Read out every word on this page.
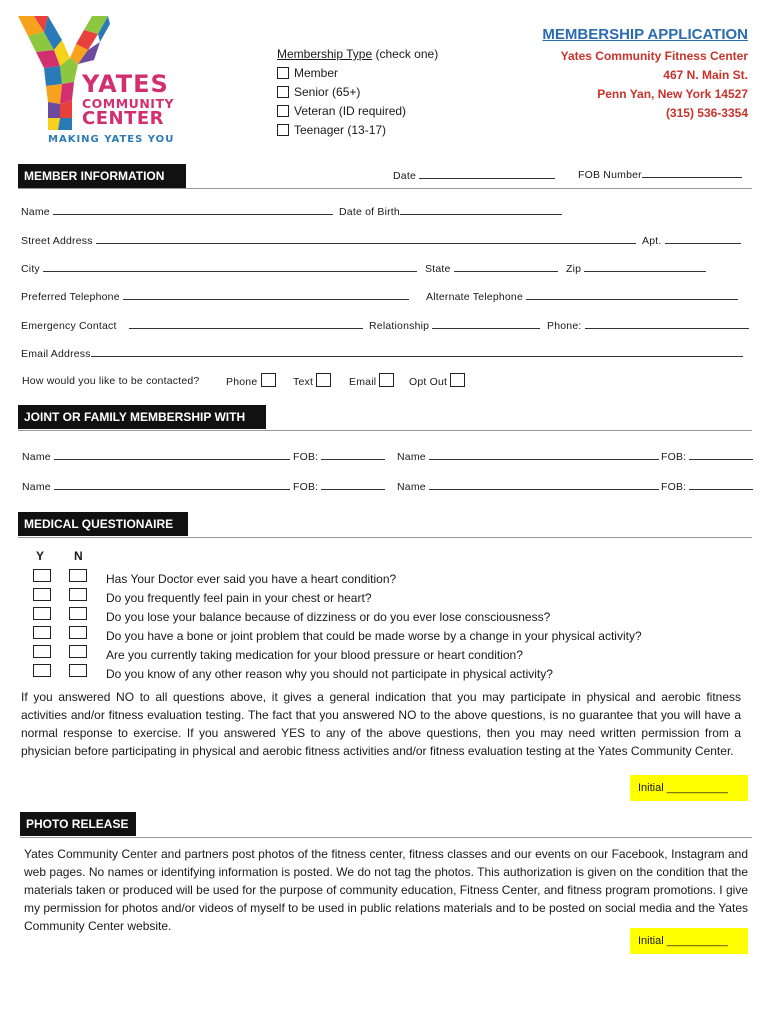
YATES
COMMUNITY
CENTER
MAKING YATES YOU
Membership Type (check one)
Member
Senior (65+)
Veteran (ID required)
Teenager (13-17)
MEMBERSHIP APPLICATION
Yates Community Fitness Center
467 N. Main St.
Penn Yan, New York 14527
(315) 536-3354
MEMBER INFORMATION	Date	FOB Number
Name	Date of Birth
Street Address	Apt.
City	State	Zip
Preferred Telephone	Alternate Telephone
Emergency Contact	Relationship	Phone:
Email Address
How would you like to be contacted?	Phone	Text	Email	Opt Out
JOINT OR FAMILY MEMBERSHIP WITH
Name	FOB:	Name	FOB:
Name	FOB:	Name	FOB:
MEDICAL QUESTIONAIRE
Y N
Has Your Doctor ever said you have a heart condition?
Do you frequently feel pain in your chest or heart?
Do you lose your balance because of dizziness or do you ever lose consciousness?
Do you have a bone or joint problem that could be made worse by a change in your physical activity?
Are you currently taking medication for your blood pressure or heart condition?
Do you know of any other reason why you should not participate in physical activity?
If you answered NO to all questions above, it gives a general indication that you may participate in physical and aerobic fitness activities and/or fitness evaluation testing. The fact that you answered NO to the above questions, is no guarantee that you will have a normal response to exercise. If you answered YES to any of the above questions, then you may need written permission from a physician before participating in physical and aerobic fitness activities and/or fitness evaluation testing at the Yates Community Center.
Initial __________
PHOTO RELEASE
Yates Community Center and partners post photos of the fitness center, fitness classes and our events on our Facebook, Instagram and web pages. No names or identifying information is posted. We do not tag the photos. This authorization is given on the condition that the materials taken or produced will be used for the purpose of community education, Fitness Center, and fitness program promotions. I give my permission for photos and/or videos of myself to be used in public relations materials and to be posted on social media and the Yates Community Center website.
Initial __________
